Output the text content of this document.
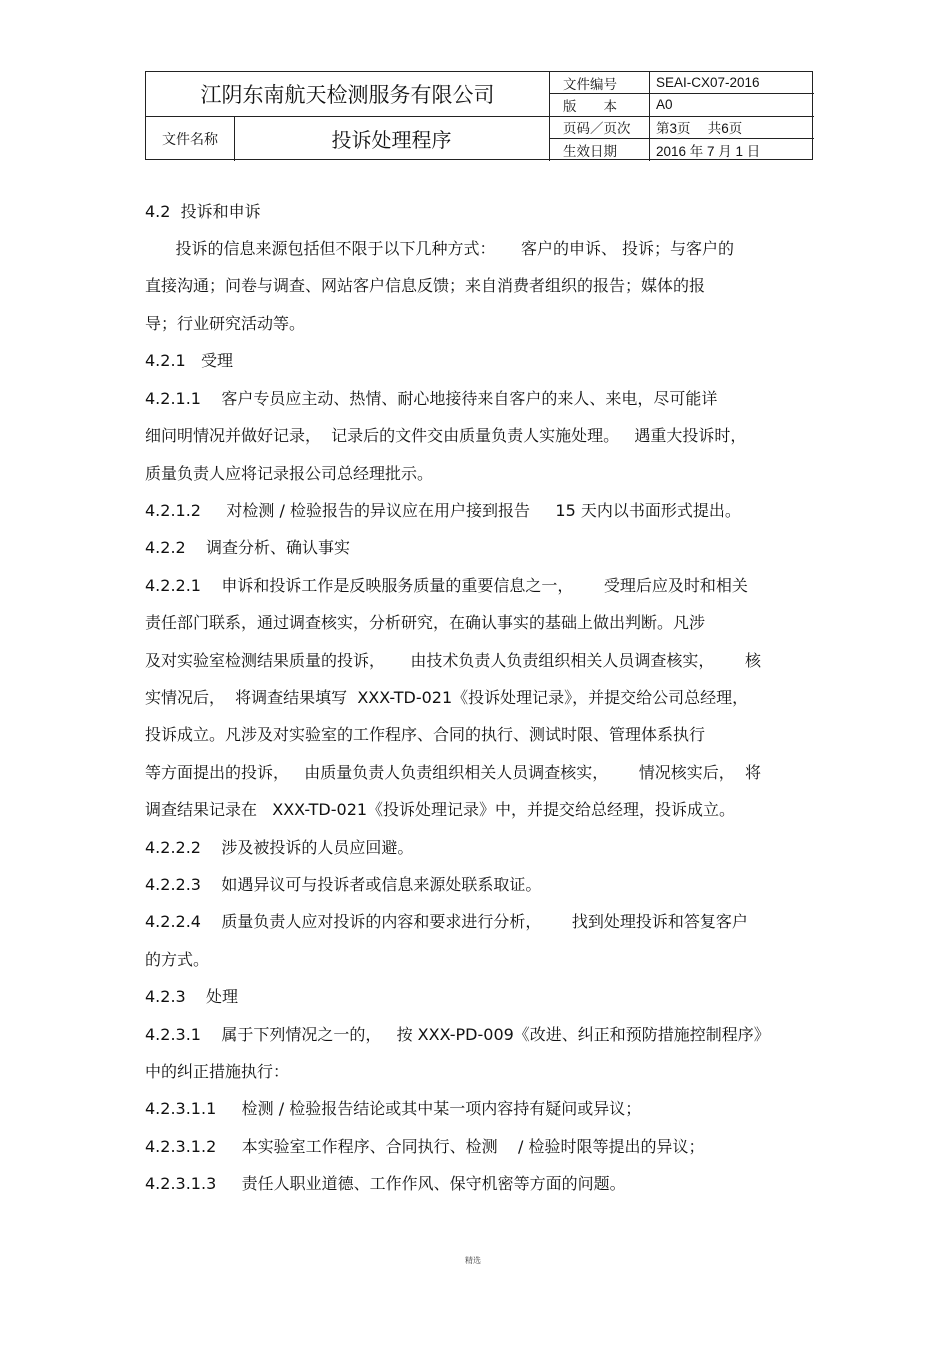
江阴东南航天检测服务有限公司
文件名称	投诉处理程序
文件编号	SEAI-CX07-2016
版　　本	A0
页码／页次	第3页　 共6页
生效日期	2016 年 7 月 1 日
4.2  投诉和申诉
投诉的信息来源包括但不限于以下几种方式：     客户的申诉、 投诉；与客户的
直接沟通；问卷与调查、网站客户信息反馈；来自消费者组织的报告；媒体的报
导；行业研究活动等。
4.2.1   受理
4.2.1.1    客户专员应主动、热情、耐心地接待来自客户的来人、来电，尽可能详
细问明情况并做好记录，  记录后的文件交由质量负责人实施处理。   遇重大投诉时，
质量负责人应将记录报公司总经理批示。
4.2.1.2     对检测 / 检验报告的异议应在用户接到报告     15 天内以书面形式提出。
4.2.2    调查分析、确认事实
4.2.2.1    申诉和投诉工作是反映服务质量的重要信息之一，      受理后应及时和相关
责任部门联系，通过调查核实，分析研究，在确认事实的基础上做出判断。凡涉
及对实验室检测结果质量的投诉，     由技术负责人负责组织相关人员调查核实，      核
实情况后，  将调查结果填写  XXX-TD-021《投诉处理记录》，并提交给公司总经理，
投诉成立。凡涉及对实验室的工作程序、合同的执行、测试时限、管理体系执行
等方面提出的投诉，   由质量负责人负责组织相关人员调查核实，      情况核实后，  将
调查结果记录在   XXX-TD-021《投诉处理记录》中，并提交给总经理，投诉成立。
4.2.2.2    涉及被投诉的人员应回避。
4.2.2.3    如遇异议可与投诉者或信息来源处联系取证。
4.2.2.4    质量负责人应对投诉的内容和要求进行分析，      找到处理投诉和答复客户
的方式。
4.2.3    处理
4.2.3.1    属于下列情况之一的，   按 XXX-PD-009《改进、纠正和预防措施控制程序》
中的纠正措施执行：
4.2.3.1.1     检测 / 检验报告结论或其中某一项内容持有疑问或异议；
4.2.3.1.2     本实验室工作程序、合同执行、检测    / 检验时限等提出的异议；
4.2.3.1.3     责任人职业道德、工作作风、保守机密等方面的问题。
精选
